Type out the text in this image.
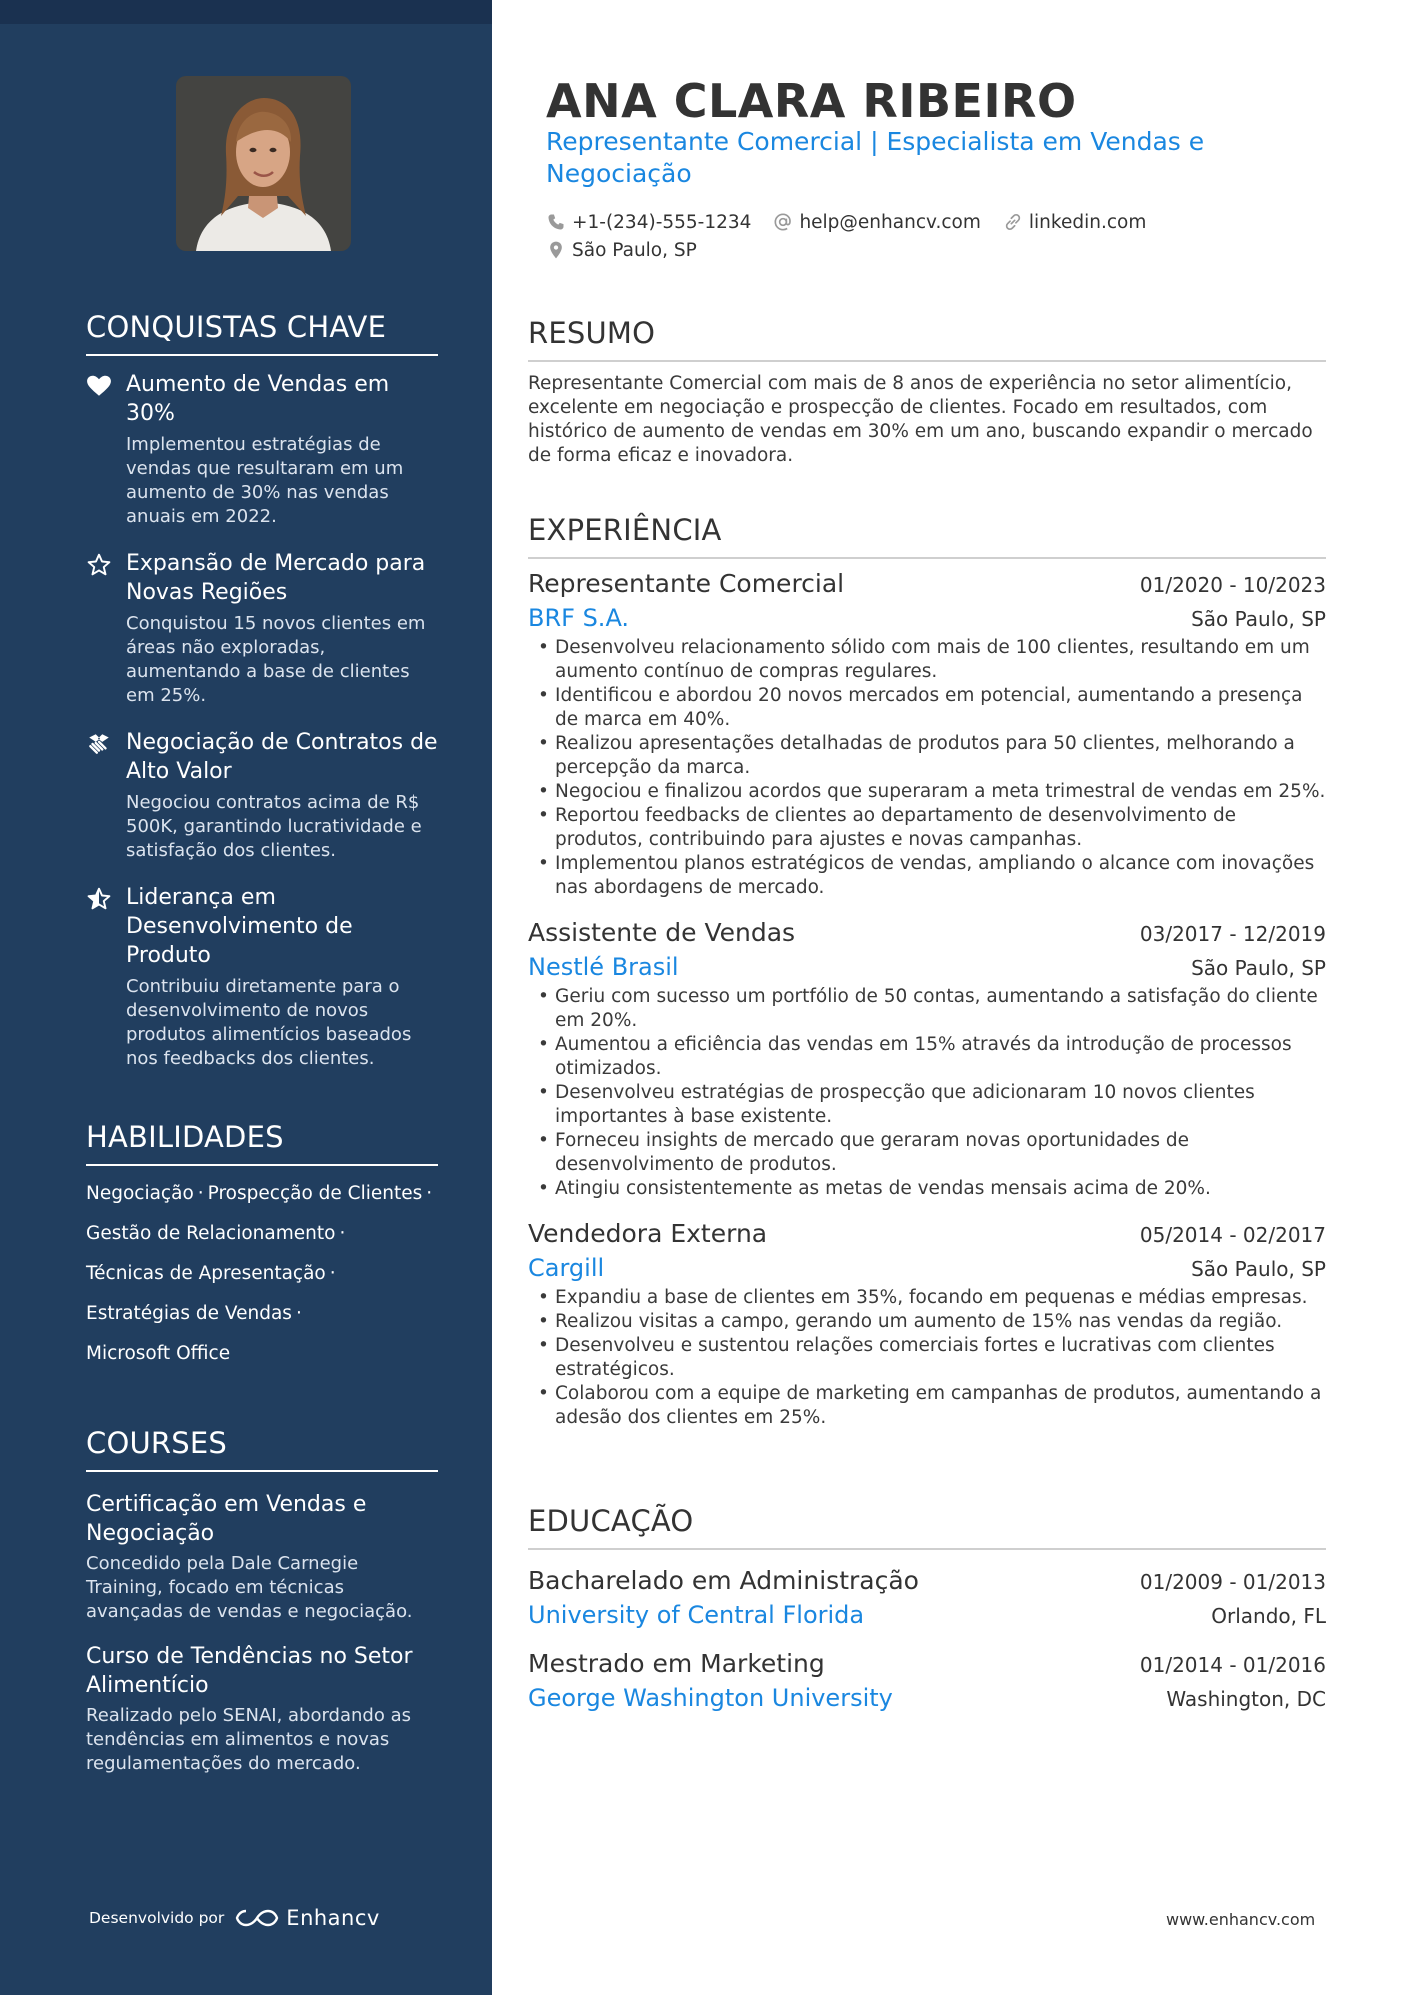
CONQUISTAS CHAVE
Aumento de Vendas em 30%
Implementou estratégias de vendas que resultaram em um aumento de 30% nas vendas anuais em 2022.
Expansão de Mercado para Novas Regiões
Conquistou 15 novos clientes em áreas não exploradas, aumentando a base de clientes em 25%.
Negociação de Contratos de Alto Valor
Negociou contratos acima de R$ 500K, garantindo lucratividade e satisfação dos clientes.
Liderança em Desenvolvimento de Produto
Contribuiu diretamente para o desenvolvimento de novos produtos alimentícios baseados nos feedbacks dos clientes.
HABILIDADES
Negociação · Prospecção de Clientes ·
Gestão de Relacionamento ·
Técnicas de Apresentação ·
Estratégias de Vendas ·
Microsoft Office
COURSES
Certificação em Vendas e Negociação
Concedido pela Dale Carnegie Training, focado em técnicas avançadas de vendas e negociação.
Curso de Tendências no Setor Alimentício
Realizado pelo SENAI, abordando as tendências em alimentos e novas regulamentações do mercado.
Desenvolvido por	Enhancv
ANA CLARA RIBEIRO
Representante Comercial | Especialista em Vendas e Negociação
+1-(234)-555-1234	help@enhancv.com	linkedin.com
São Paulo, SP
RESUMO
Representante Comercial com mais de 8 anos de experiência no setor alimentício, excelente em negociação e prospecção de clientes. Focado em resultados, com histórico de aumento de vendas em 30% em um ano, buscando expandir o mercado de forma eficaz e inovadora.
EXPERIÊNCIA
Representante Comercial	01/2020 - 10/2023
BRF S.A.	São Paulo, SP
• Desenvolveu relacionamento sólido com mais de 100 clientes, resultando em um aumento contínuo de compras regulares.
• Identificou e abordou 20 novos mercados em potencial, aumentando a presença de marca em 40%.
• Realizou apresentações detalhadas de produtos para 50 clientes, melhorando a percepção da marca.
• Negociou e finalizou acordos que superaram a meta trimestral de vendas em 25%.
• Reportou feedbacks de clientes ao departamento de desenvolvimento de produtos, contribuindo para ajustes e novas campanhas.
• Implementou planos estratégicos de vendas, ampliando o alcance com inovações nas abordagens de mercado.
Assistente de Vendas	03/2017 - 12/2019
Nestlé Brasil	São Paulo, SP
• Geriu com sucesso um portfólio de 50 contas, aumentando a satisfação do cliente em 20%.
• Aumentou a eficiência das vendas em 15% através da introdução de processos otimizados.
• Desenvolveu estratégias de prospecção que adicionaram 10 novos clientes importantes à base existente.
• Forneceu insights de mercado que geraram novas oportunidades de desenvolvimento de produtos.
• Atingiu consistentemente as metas de vendas mensais acima de 20%.
Vendedora Externa	05/2014 - 02/2017
Cargill	São Paulo, SP
• Expandiu a base de clientes em 35%, focando em pequenas e médias empresas.
• Realizou visitas a campo, gerando um aumento de 15% nas vendas da região.
• Desenvolveu e sustentou relações comerciais fortes e lucrativas com clientes estratégicos.
• Colaborou com a equipe de marketing em campanhas de produtos, aumentando a adesão dos clientes em 25%.
EDUCAÇÃO
Bacharelado em Administração	01/2009 - 01/2013
University of Central Florida	Orlando, FL
Mestrado em Marketing	01/2014 - 01/2016
George Washington University	Washington, DC
www.enhancv.com
